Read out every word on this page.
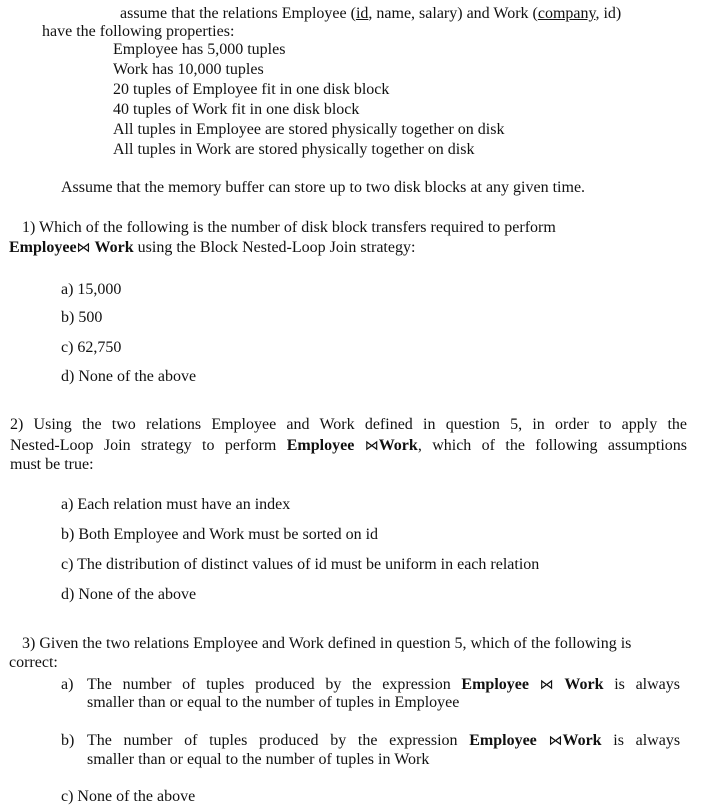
assume that the relations Employee (id, name, salary) and Work (company, id)
have the following properties:
Employee has 5,000 tuples
Work has 10,000 tuples
20 tuples of Employee fit in one disk block
40 tuples of Work fit in one disk block
All tuples in Employee are stored physically together on disk
All tuples in Work are stored physically together on disk
Assume that the memory buffer can store up to two disk blocks at any given time.
1) Which of the following is the number of disk block transfers required to perform
Employee⋈ Work using the Block Nested-Loop Join strategy:
a) 15,000
b) 500
c) 62,750
d) None of the above
2) Using the two relations Employee and Work defined in question 5, in order to apply the
Nested-Loop Join strategy to perform Employee ⋈Work, which of the following assumptions
must be true:
a) Each relation must have an index
b) Both Employee and Work must be sorted on id
c) The distribution of distinct values of id must be uniform in each relation
d) None of the above
3) Given the two relations Employee and Work defined in question 5, which of the following is
correct:
a) The number of tuples produced by the expression Employee ⋈ Work is always
smaller than or equal to the number of tuples in Employee
b) The number of tuples produced by the expression Employee ⋈Work is always
smaller than or equal to the number of tuples in Work
c) None of the above
